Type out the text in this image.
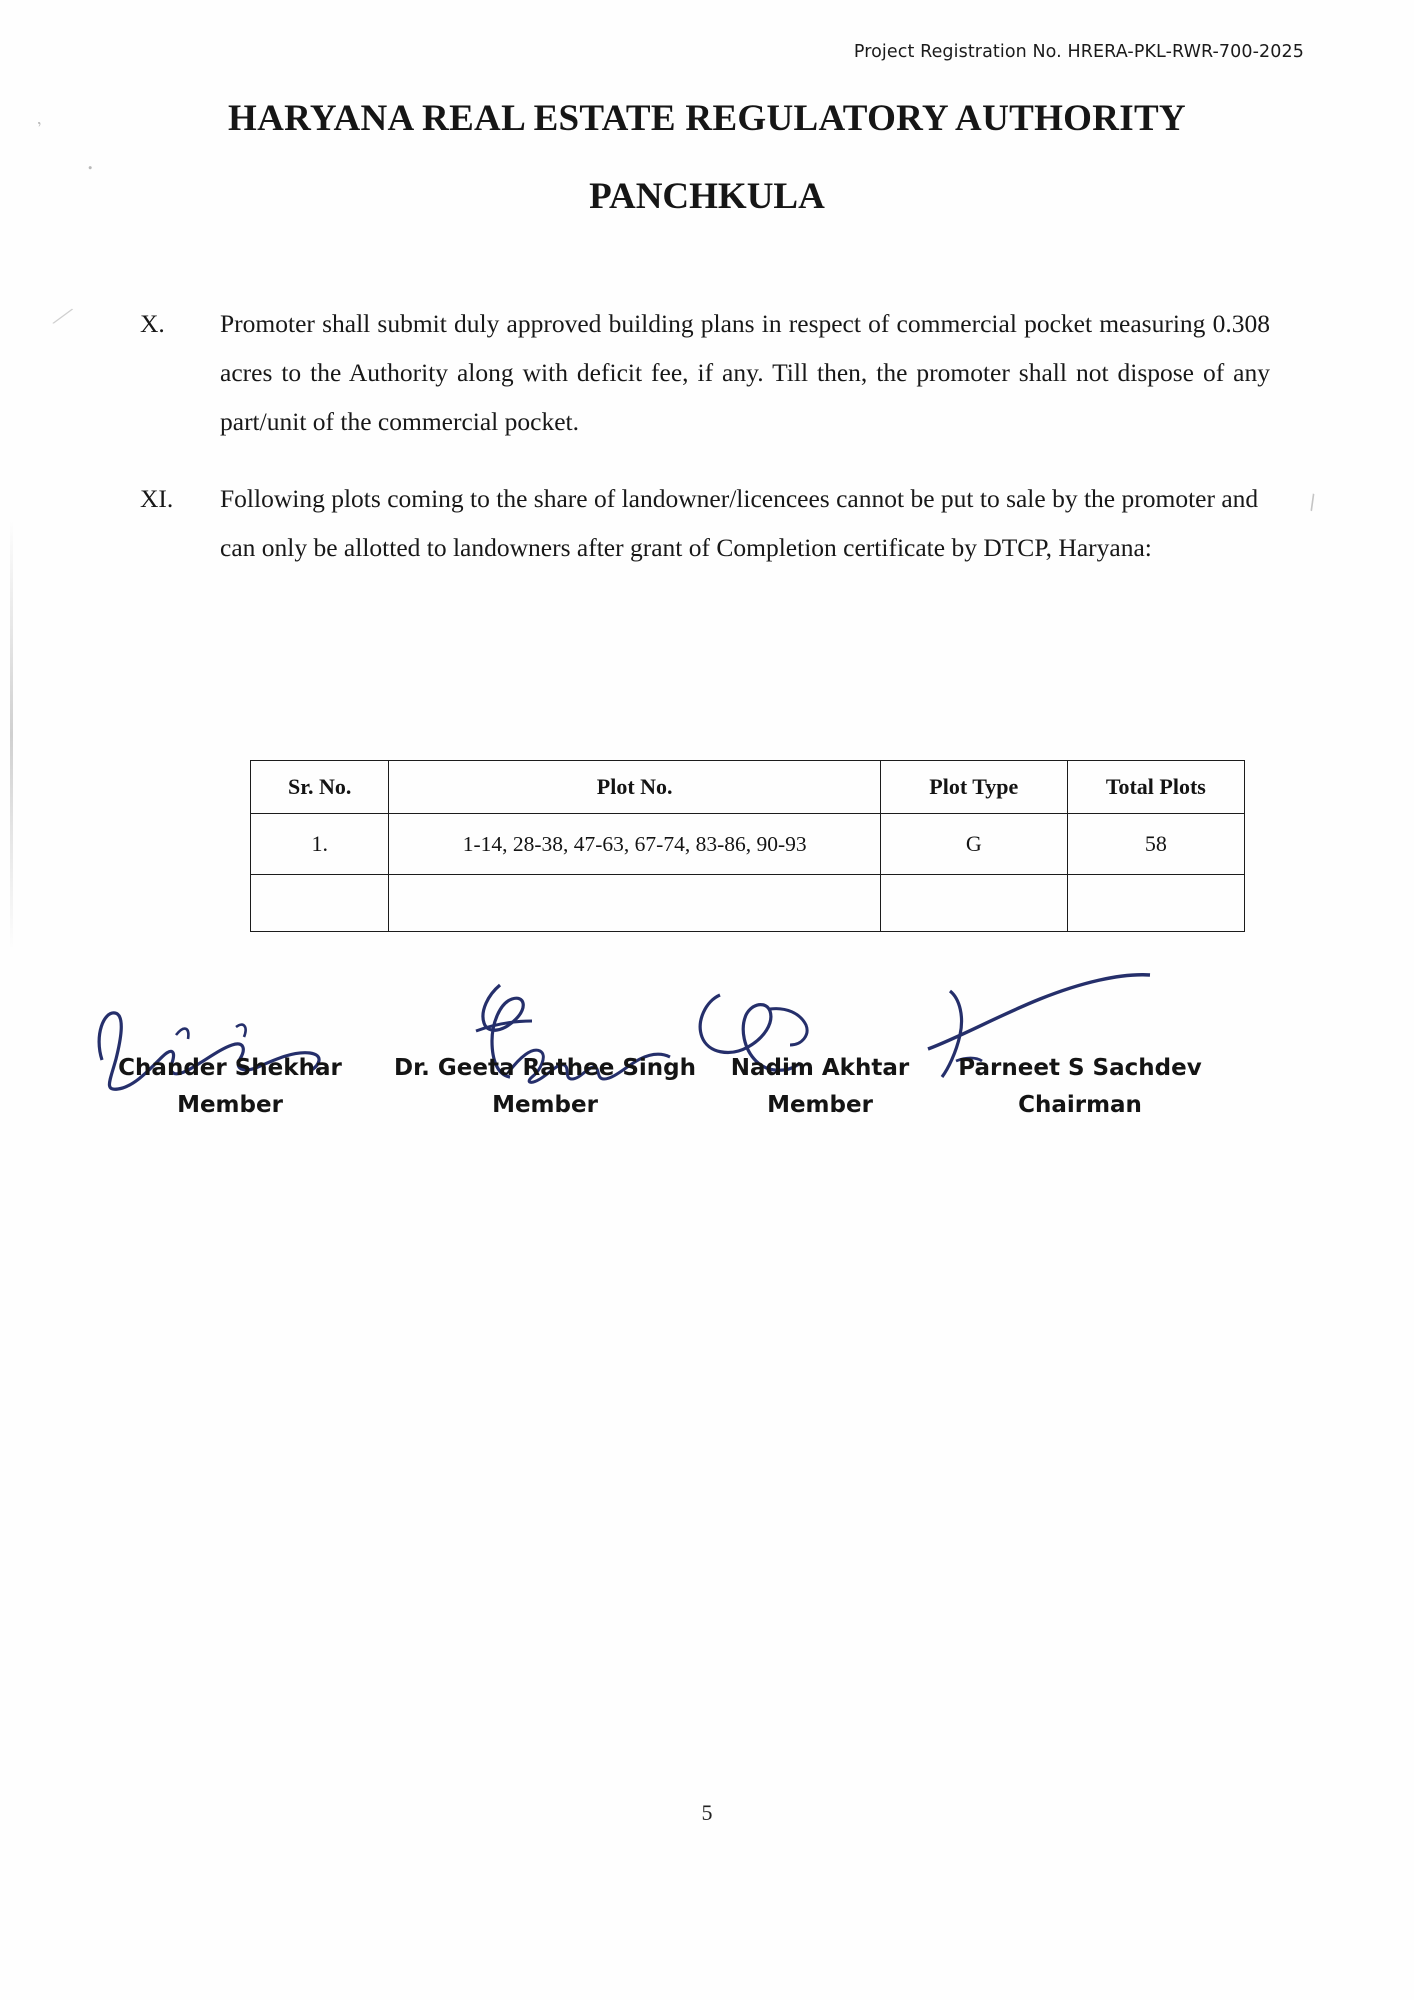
’
•
∕
∖
Project Registration No. HRERA-PKL-RWR-700-2025
HARYANA REAL ESTATE REGULATORY AUTHORITY
PANCHKULA
X.	Promoter shall submit duly approved building plans in respect of commercial pocket measuring 0.308 acres to the Authority along with deficit fee, if any. Till then, the promoter shall not dispose of any part/unit of the commercial pocket.
XI.	Following plots coming to the share of landowner/licencees cannot be put to sale by the promoter and can only be allotted to landowners after grant of Completion certificate by DTCP, Haryana:
Sr. No.	Plot No.	Plot Type	Total Plots
1.	1-14, 28-38, 47-63, 67-74, 83-86, 90-93	G	58

Chander Shekhar
Member
Dr. Geeta Rathee Singh
Member
Nadim Akhtar
Member
Parneet S Sachdev
Chairman
5
